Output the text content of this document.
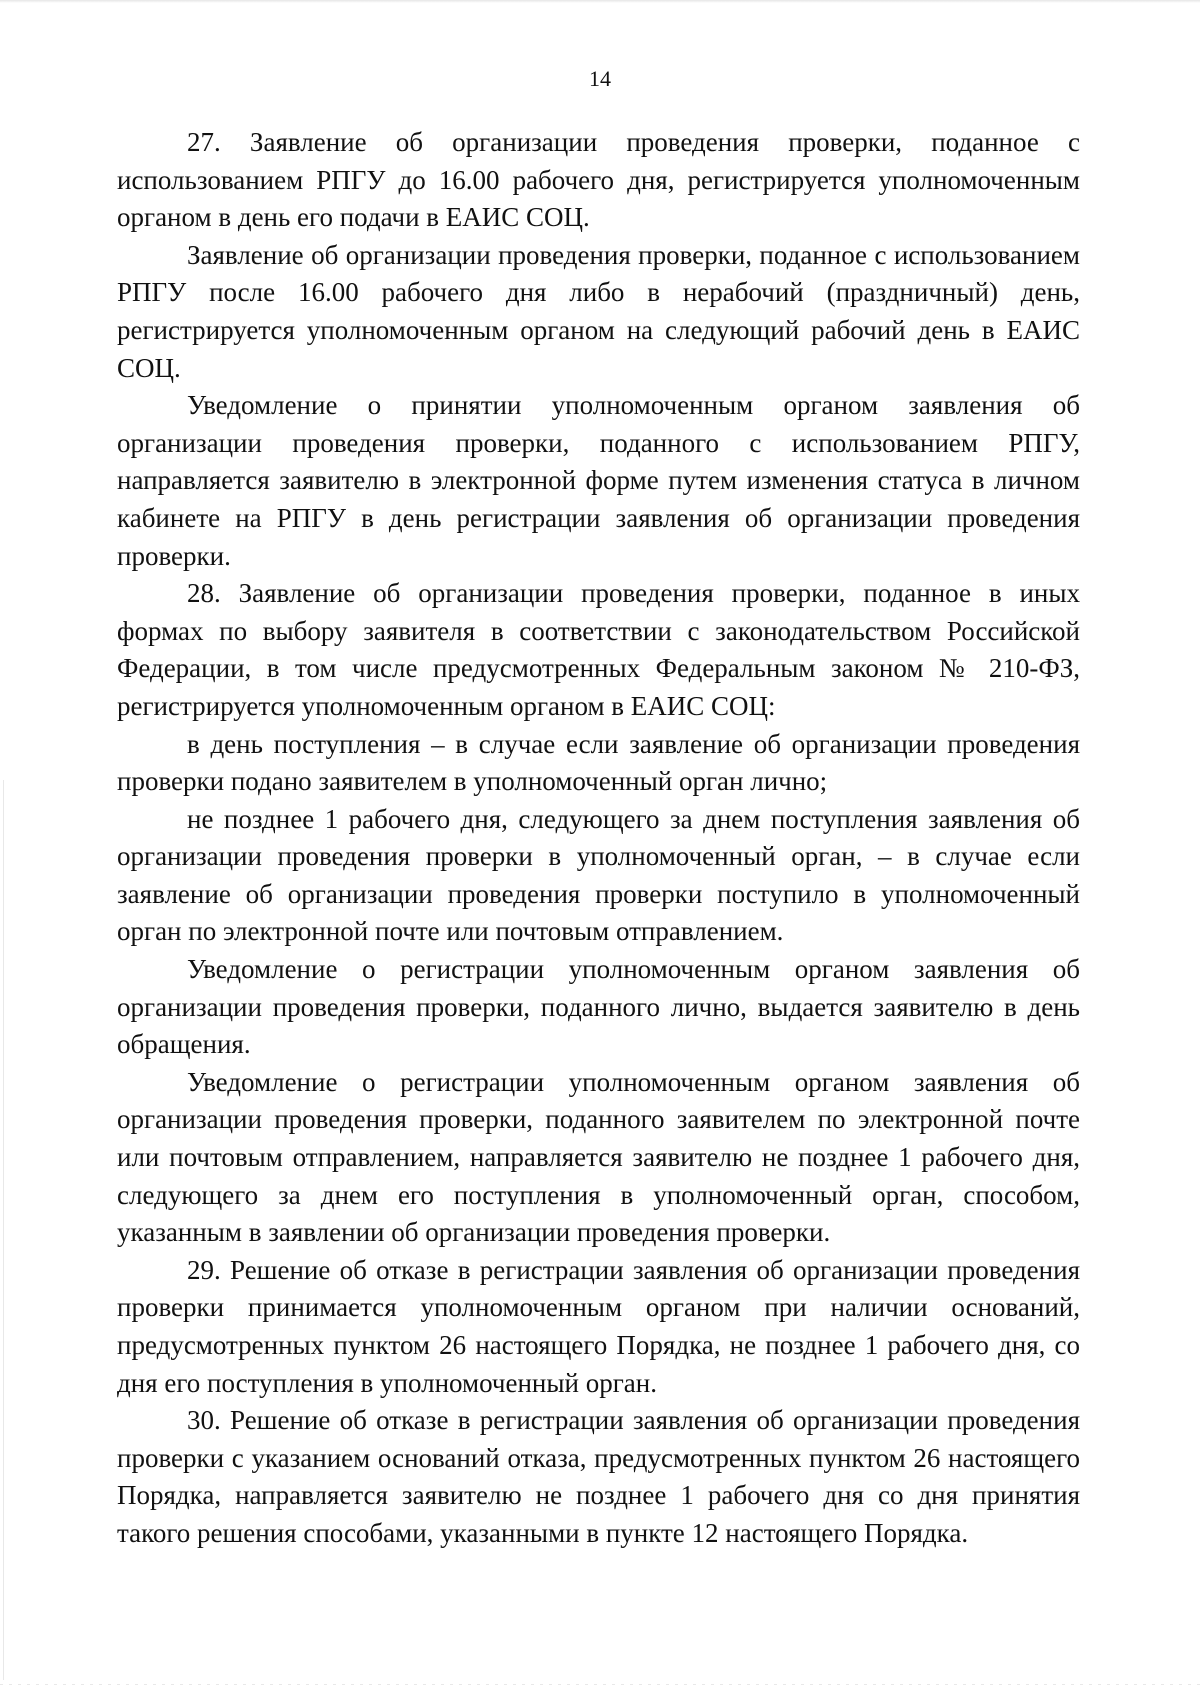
14

27. Заявление об организации проведения проверки, поданное с использованием РПГУ до 16.00 рабочего дня, регистрируется уполномоченным органом в день его подачи в ЕАИС СОЦ.

Заявление об организации проведения проверки, поданное с использованием РПГУ после 16.00 рабочего дня либо в нерабочий (праздничный) день, регистрируется уполномоченным органом на следующий рабочий день в ЕАИС СОЦ.

Уведомление о принятии уполномоченным органом заявления об организации проведения проверки, поданного с использованием РПГУ, направляется заявителю в электронной форме путем изменения статуса в личном кабинете на РПГУ в день регистрации заявления об организации проведения проверки.

28. Заявление об организации проведения проверки, поданное в иных формах по выбору заявителя в соответствии с законодательством Российской Федерации, в том числе предусмотренных Федеральным законом № 210-ФЗ, регистрируется уполномоченным органом в ЕАИС СОЦ:

в день поступления – в случае если заявление об организации проведения проверки подано заявителем в уполномоченный орган лично;

не позднее 1 рабочего дня, следующего за днем поступления заявления об организации проведения проверки в уполномоченный орган, – в случае если заявление об организации проведения проверки поступило в уполномоченный орган по электронной почте или почтовым отправлением.

Уведомление о регистрации уполномоченным органом заявления об организации проведения проверки, поданного лично, выдается заявителю в день обращения.

Уведомление о регистрации уполномоченным органом заявления об организации проведения проверки, поданного заявителем по электронной почте или почтовым отправлением, направляется заявителю не позднее 1 рабочего дня, следующего за днем его поступления в уполномоченный орган, способом, указанным в заявлении об организации проведения проверки.

29. Решение об отказе в регистрации заявления об организации проведения проверки принимается уполномоченным органом при наличии оснований, предусмотренных пунктом 26 настоящего Порядка, не позднее 1 рабочего дня, со дня его поступления в уполномоченный орган.

30. Решение об отказе в регистрации заявления об организации проведения проверки с указанием оснований отказа, предусмотренных пунктом 26 настоящего Порядка, направляется заявителю не позднее 1 рабочего дня со дня принятия такого решения способами, указанными в пункте 12 настоящего Порядка.
